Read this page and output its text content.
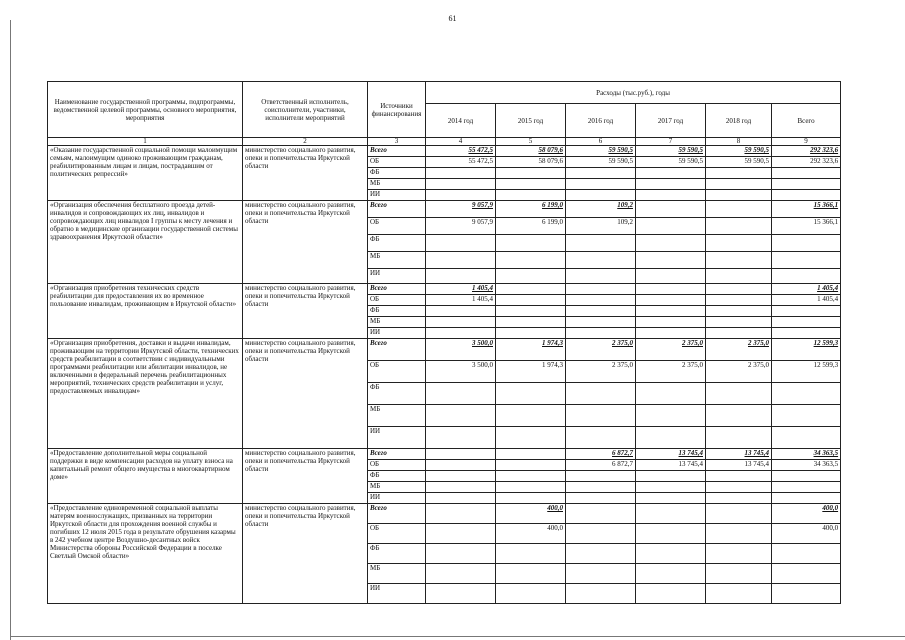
61
Наименование государственной программы, подпрограммы, ведомственной целевой программы, основного мероприятия, мероприятия	Ответственный исполнитель, соисполнители, участники, исполнители мероприятий	Источники финансирования	Расходы (тыс.руб.), годы					
			2014 год	2015 год	2016 год	2017 год	2018 год	Всего
1	2	3	4	5	6	7	8	9
«Оказание государственной социальной помощи малоимущим семьям, малоимущим одиноко проживающим гражданам, реабилитированным лицам и лицам, пострадавшим от политических репрессий»	министерство социального развития, опеки и попечительства Иркутской области	Всего	55 472,5	58 079,6	59 590,5	59 590,5	59 590,5	292 323,6
		ОБ	55 472,5	58 079,6	59 590,5	59 590,5	59 590,5	292 323,6
		ФБ						
		МБ						
		ИИ						
«Организация обеспечения бесплатного проезда детей-инвалидов и сопровождающих их лиц, инвалидов и сопровождающих лиц инвалидов I группы к месту лечения и обратно в медицинские организации государственной системы здравоохранения Иркутской области»	министерство социального развития, опеки и попечительства Иркутской области	Всего	9 057,9	6 199,0	109,2			15 366,1
		ОБ	9 057,9	6 199,0	109,2			15 366,1
		ФБ						
		МБ						
		ИИ						
«Организация приобретения технических средств реабилитации для предоставления их во временное пользование инвалидам, проживающим в Иркутской области»	министерство социального развития, опеки и попечительства Иркутской области	Всего	1 405,4					1 405,4
		ОБ	1 405,4					1 405,4
		ФБ						
		МБ						
		ИИ						
«Организация приобретения, доставки и выдачи инвалидам, проживающим на территории Иркутской области, технических средств реабилитации в соответствии с индивидуальными программами реабилитации или абилитации инвалидов, не включенными в федеральный перечень реабилитационных мероприятий, технических средств реабилитации и услуг, предоставляемых инвалидам»	министерство социального развития, опеки и попечительства Иркутской области	Всего	3 500,0	1 974,3	2 375,0	2 375,0	2 375,0	12 599,3
		ОБ	3 500,0	1 974,3	2 375,0	2 375,0	2 375,0	12 599,3
		ФБ						
		МБ						
		ИИ						
«Предоставление дополнительной меры социальной поддержки в виде компенсации расходов на уплату взноса на капитальный ремонт общего имущества в многоквартирном доме»	министерство социального развития, опеки и попечительства Иркутской области	Всего			6 872,7	13 745,4	13 745,4	34 363,5
		ОБ			6 872,7	13 745,4	13 745,4	34 363,5
		ФБ						
		МБ						
		ИИ						
«Предоставление единовременной социальной выплаты матерям военнослужащих, призванных на территории Иркутской области для прохождения военной службы и погибших 12 июля 2015 года в результате обрушения казармы в 242 учебном центре Воздушно-десантных войск Министерства обороны Российской Федерации в поселке Светлый Омской области»	министерство социального развития, опеки и попечительства Иркутской области	Всего		400,0				400,0
		ОБ		400,0				400,0
		ФБ						
		МБ						
		ИИ						
